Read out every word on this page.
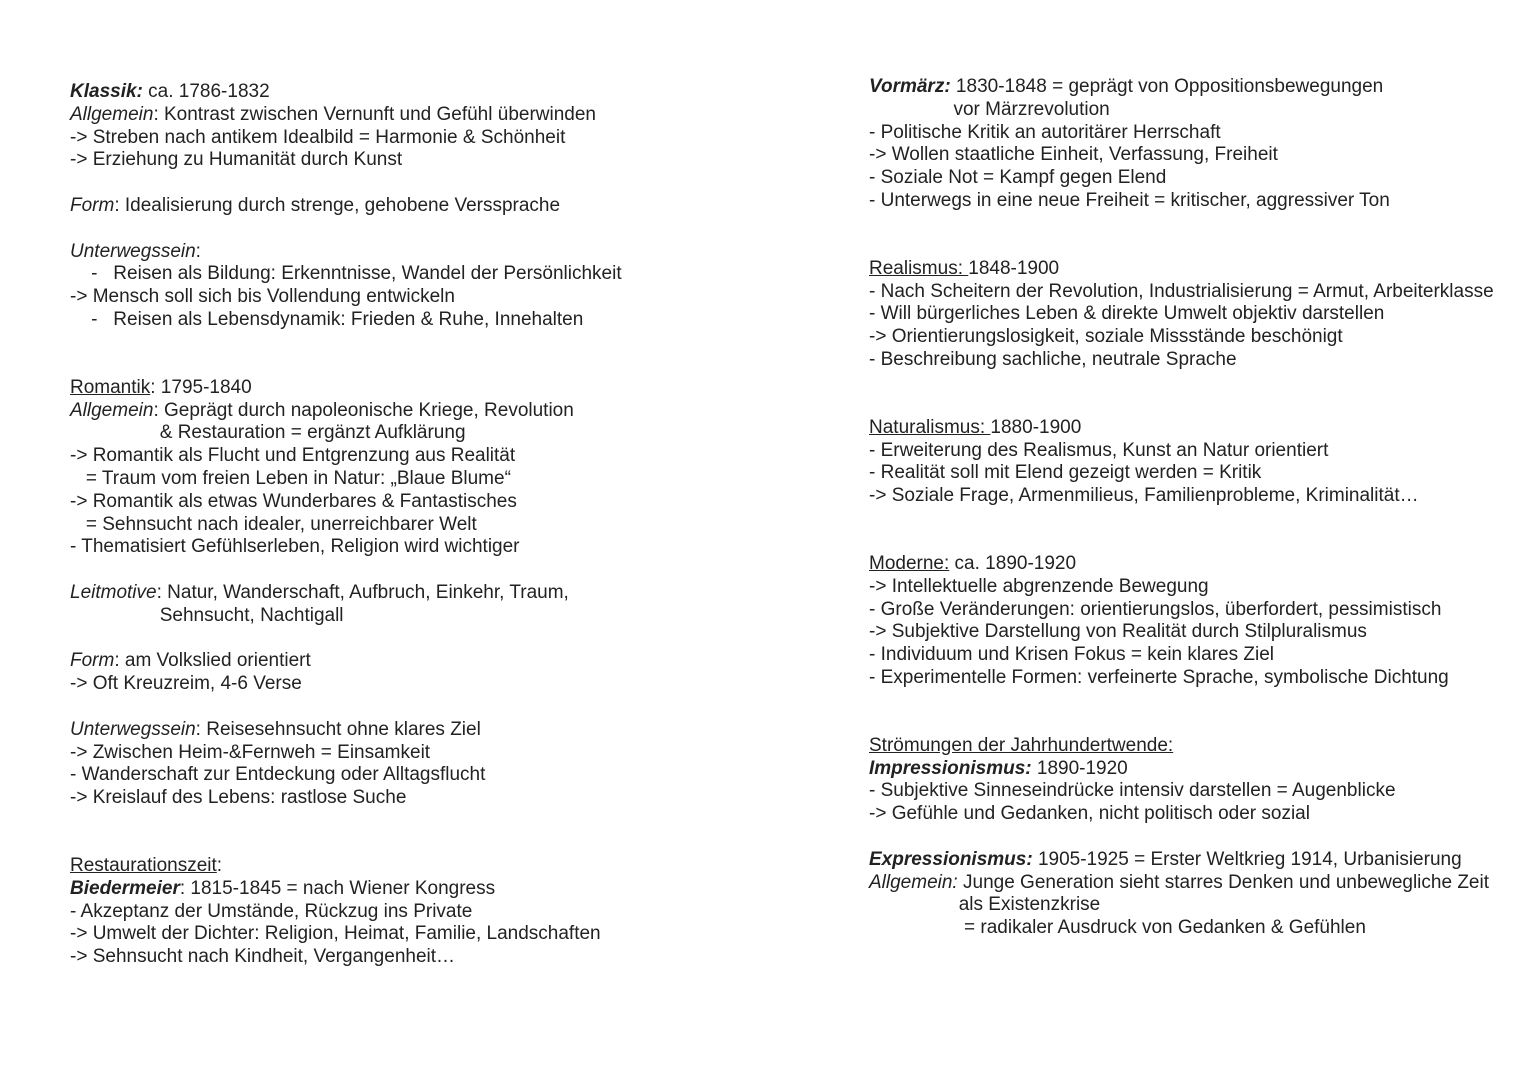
Klassik: ca. 1786-1832
Allgemein: Kontrast zwischen Vernunft und Gefühl überwinden
-> Streben nach antikem Idealbild = Harmonie & Schönheit
-> Erziehung zu Humanität durch Kunst
Form: Idealisierung durch strenge, gehobene Verssprache
Unterwegssein:
-   Reisen als Bildung: Erkenntnisse, Wandel der Persönlichkeit
-> Mensch soll sich bis Vollendung entwickeln
-   Reisen als Lebensdynamik: Frieden & Ruhe, Innehalten
Romantik: 1795-1840
Allgemein: Geprägt durch napoleonische Kriege, Revolution
& Restauration = ergänzt Aufklärung
-> Romantik als Flucht und Entgrenzung aus Realität
= Traum vom freien Leben in Natur: „Blaue Blume“
-> Romantik als etwas Wunderbares & Fantastisches
= Sehnsucht nach idealer, unerreichbarer Welt
- Thematisiert Gefühlserleben, Religion wird wichtiger
Leitmotive: Natur, Wanderschaft, Aufbruch, Einkehr, Traum,
Sehnsucht, Nachtigall
Form: am Volkslied orientiert
-> Oft Kreuzreim, 4-6 Verse
Unterwegssein: Reisesehnsucht ohne klares Ziel
-> Zwischen Heim-&Fernweh = Einsamkeit
- Wanderschaft zur Entdeckung oder Alltagsflucht
-> Kreislauf des Lebens: rastlose Suche
Restaurationszeit:
Biedermeier: 1815-1845 = nach Wiener Kongress
- Akzeptanz der Umstände, Rückzug ins Private
-> Umwelt der Dichter: Religion, Heimat, Familie, Landschaften
-> Sehnsucht nach Kindheit, Vergangenheit…
Vormärz: 1830-1848 = geprägt von Oppositionsbewegungen
vor Märzrevolution
- Politische Kritik an autoritärer Herrschaft
-> Wollen staatliche Einheit, Verfassung, Freiheit
- Soziale Not = Kampf gegen Elend
- Unterwegs in eine neue Freiheit = kritischer, aggressiver Ton
Realismus: 1848-1900
- Nach Scheitern der Revolution, Industrialisierung = Armut, Arbeiterklasse
- Will bürgerliches Leben & direkte Umwelt objektiv darstellen
-> Orientierungslosigkeit, soziale Missstände beschönigt
- Beschreibung sachliche, neutrale Sprache
Naturalismus: 1880-1900
- Erweiterung des Realismus, Kunst an Natur orientiert
- Realität soll mit Elend gezeigt werden = Kritik
-> Soziale Frage, Armenmilieus, Familienprobleme, Kriminalität…
Moderne: ca. 1890-1920
-> Intellektuelle abgrenzende Bewegung
- Große Veränderungen: orientierungslos, überfordert, pessimistisch
-> Subjektive Darstellung von Realität durch Stilpluralismus
- Individuum und Krisen Fokus = kein klares Ziel
- Experimentelle Formen: verfeinerte Sprache, symbolische Dichtung
Strömungen der Jahrhundertwende:
Impressionismus: 1890-1920
- Subjektive Sinneseindrücke intensiv darstellen = Augenblicke
-> Gefühle und Gedanken, nicht politisch oder sozial
Expressionismus: 1905-1925 = Erster Weltkrieg 1914, Urbanisierung
Allgemein: Junge Generation sieht starres Denken und unbewegliche Zeit
als Existenzkrise
= radikaler Ausdruck von Gedanken & Gefühlen
